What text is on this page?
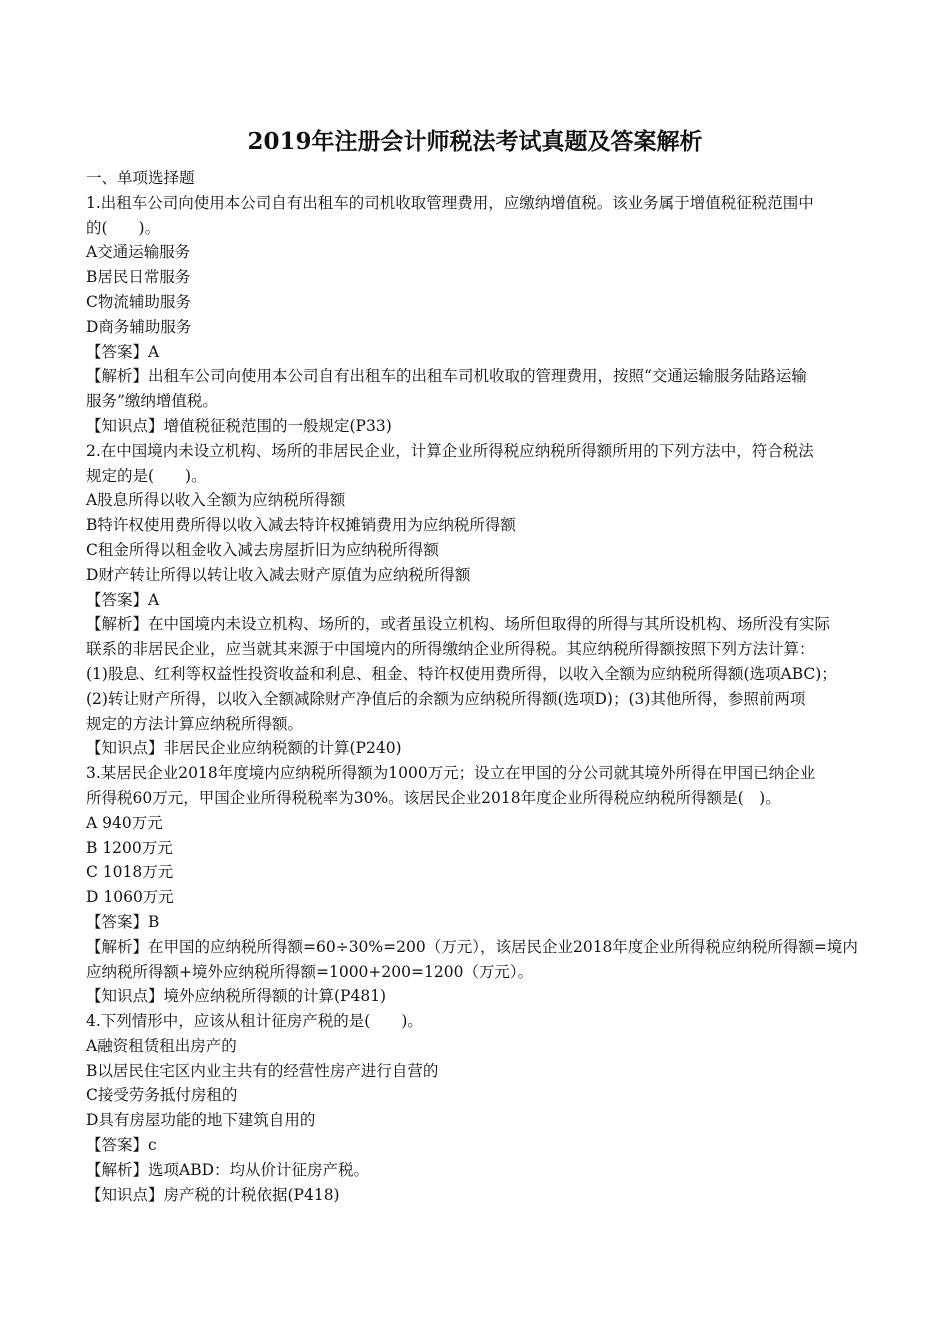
2019年注册会计师税法考试真题及答案解析
一、单项选择题
1.出租车公司向使用本公司自有出租车的司机收取管理费用，应缴纳增值税。该业务属于增值税征税范围中
的(　　)。
A交通运输服务
B居民日常服务
C物流辅助服务
D商务辅助服务
【答案】A
【解析】出租车公司向使用本公司自有出租车的出租车司机收取的管理费用，按照“交通运输服务陆路运输
服务”缴纳增值税。
【知识点】增值税征税范围的一般规定(P33)
2.在中国境内未设立机构、场所的非居民企业，计算企业所得税应纳税所得额所用的下列方法中，符合税法
规定的是(　　)。
A股息所得以收入全额为应纳税所得额
B特许权使用费所得以收入减去特许权摊销费用为应纳税所得额
C租金所得以租金收入减去房屋折旧为应纳税所得额
D财产转让所得以转让收入减去财产原值为应纳税所得额
【答案】A
【解析】在中国境内未设立机构、场所的，或者虽设立机构、场所但取得的所得与其所设机构、场所没有实际
联系的非居民企业，应当就其来源于中国境内的所得缴纳企业所得税。其应纳税所得额按照下列方法计算：
(1)股息、红利等权益性投资收益和利息、租金、特许权使用费所得，以收入全额为应纳税所得额(选项ABC)；
(2)转让财产所得，以收入全额减除财产净值后的余额为应纳税所得额(选项D)；(3)其他所得，参照前两项
规定的方法计算应纳税所得额。
【知识点】非居民企业应纳税额的计算(P240)
3.某居民企业2018年度境内应纳税所得额为1000万元；设立在甲国的分公司就其境外所得在甲国已纳企业
所得税60万元，甲国企业所得税税率为30%。该居民企业2018年度企业所得税应纳税所得额是(　)。
A 940万元
B 1200万元
C 1018万元
D 1060万元
【答案】B
【解析】在甲国的应纳税所得额=60÷30%=200（万元），该居民企业2018年度企业所得税应纳税所得额=境内
应纳税所得额+境外应纳税所得额=1000+200=1200（万元）。
【知识点】境外应纳税所得额的计算(P481)
4.下列情形中，应该从租计征房产税的是(　　)。
A融资租赁租出房产的
B以居民住宅区内业主共有的经营性房产进行自营的
C接受劳务抵付房租的
D具有房屋功能的地下建筑自用的
【答案】c
【解析】选项ABD：均从价计征房产税。
【知识点】房产税的计税依据(P418)
